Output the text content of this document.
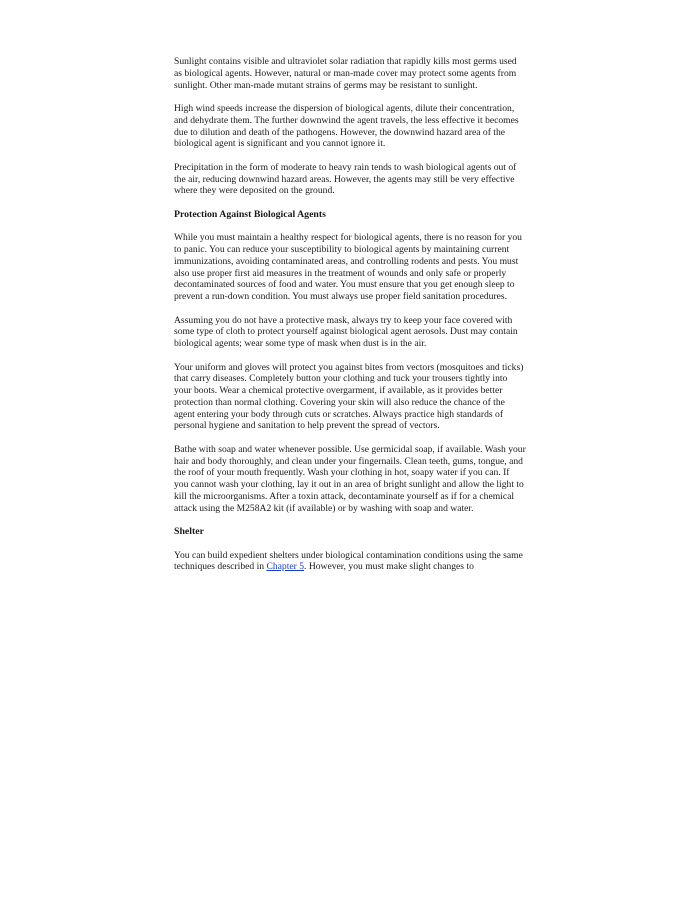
Sunlight contains visible and ultraviolet solar radiation that rapidly kills most germs used as biological agents. However, natural or man-made cover may protect some agents from sunlight. Other man-made mutant strains of germs may be resistant to sunlight.

High wind speeds increase the dispersion of biological agents, dilute their concentration, and dehydrate them. The further downwind the agent travels, the less effective it becomes due to dilution and death of the pathogens. However, the downwind hazard area of the biological agent is significant and you cannot ignore it.

Precipitation in the form of moderate to heavy rain tends to wash biological agents out of the air, reducing downwind hazard areas. However, the agents may still be very effective where they were deposited on the ground.

Protection Against Biological Agents

While you must maintain a healthy respect for biological agents, there is no reason for you to panic. You can reduce your susceptibility to biological agents by maintaining current immunizations, avoiding contaminated areas, and controlling rodents and pests. You must also use proper first aid measures in the treatment of wounds and only safe or properly decontaminated sources of food and water. You must ensure that you get enough sleep to prevent a run-down condition. You must always use proper field sanitation procedures.

Assuming you do not have a protective mask, always try to keep your face covered with some type of cloth to protect yourself against biological agent aerosols. Dust may contain biological agents; wear some type of mask when dust is in the air.

Your uniform and gloves will protect you against bites from vectors (mosquitoes and ticks) that carry diseases. Completely button your clothing and tuck your trousers tightly into your boots. Wear a chemical protective overgarment, if available, as it provides better protection than normal clothing. Covering your skin will also reduce the chance of the agent entering your body through cuts or scratches. Always practice high standards of personal hygiene and sanitation to help prevent the spread of vectors.

Bathe with soap and water whenever possible. Use germicidal soap, if available. Wash your hair and body thoroughly, and clean under your fingernails. Clean teeth, gums, tongue, and the roof of your mouth frequently. Wash your clothing in hot, soapy water if you can. If you cannot wash your clothing, lay it out in an area of bright sunlight and allow the light to kill the microorganisms. After a toxin attack, decontaminate yourself as if for a chemical attack using the M258A2 kit (if available) or by washing with soap and water.

Shelter

You can build expedient shelters under biological contamination conditions using the same techniques described in Chapter 5. However, you must make slight changes to
